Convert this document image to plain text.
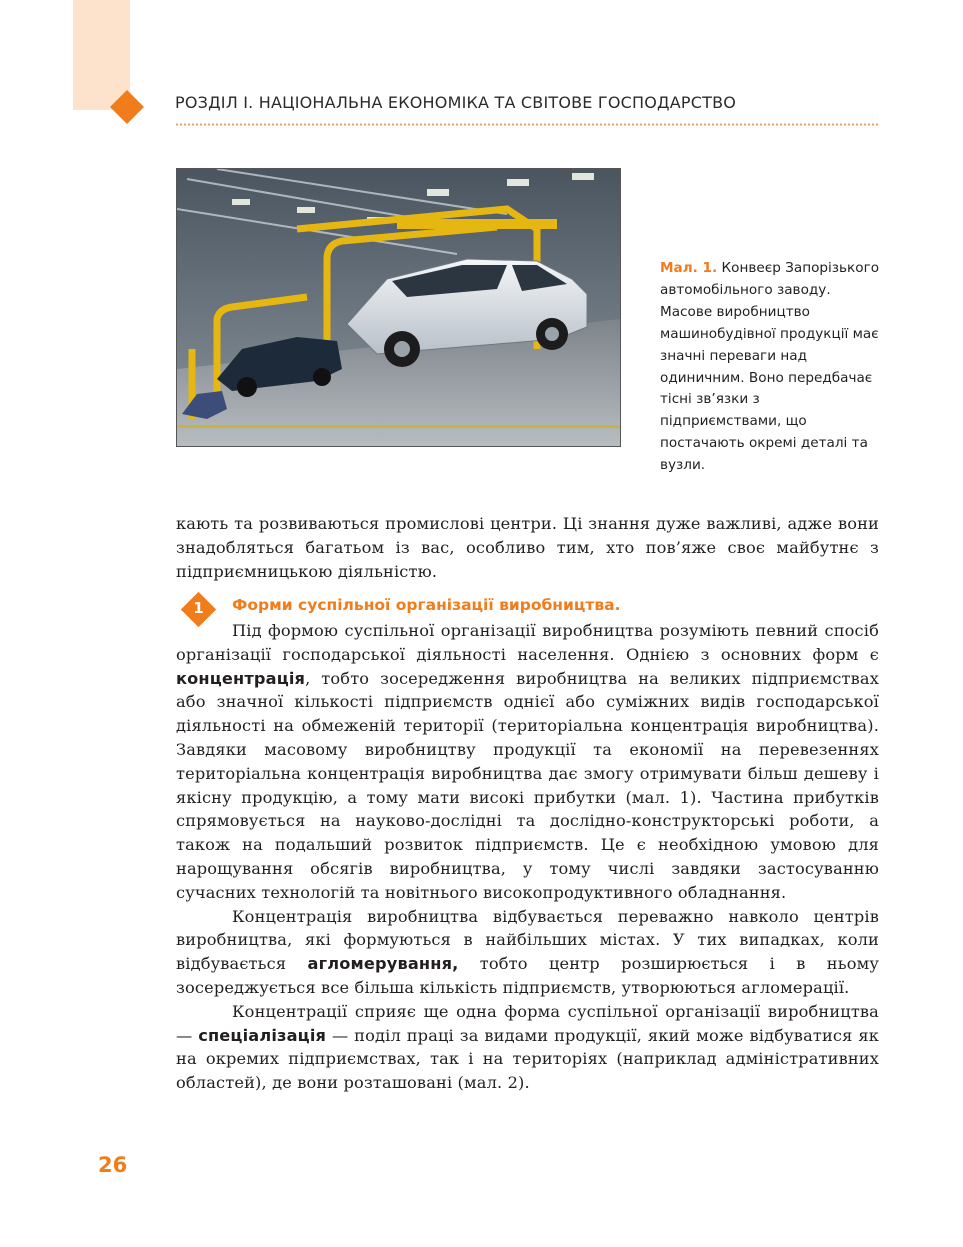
РОЗДІЛ І. НАЦІОНАЛЬНА ЕКОНОМІКА ТА СВІТОВЕ ГОСПОДАРСТВО
Мал. 1. Конвеєр Запорізького автомобільного заводу. Масове виробництво машинобудівної продукції має значні переваги над одиничним. Воно передбачає тісні зв’язки з підприємствами, що постачають окремі деталі та вузли.

кають та розвиваються промислові центри. Ці знання дуже важливі, адже вони знадобляться багатьом із вас, особливо тим, хто пов’яже своє майбутнє з підприємницькою діяльністю.

1	Форми суспільної організації виробництва.

Під формою суспільної організації виробництва розуміють певний спосіб організації господарської діяльності населення. Однією з основних форм є концентрація, тобто зосередження виробництва на великих підприємствах або значної кількості підприємств однієї або суміжних видів господарської діяльності на обмеженій території (територіальна концентрація виробництва). Завдяки масовому виробництву продукції та економії на перевезеннях територіальна концентрація виробництва дає змогу отримувати більш дешеву і якісну продукцію, а тому мати високі прибутки (мал. 1). Частина прибутків спрямовується на науково-дослідні та дослідно-конструкторські роботи, а також на подальший розвиток підприємств. Це є необхідною умовою для нарощування обсягів виробництва, у тому числі завдяки застосуванню сучасних технологій та новітнього високопродуктивного обладнання.

Концентрація виробництва відбувається переважно навколо центрів виробництва, які формуються в найбільших містах. У тих випадках, коли відбувається агломерування, тобто центр розширюється і в ньому зосереджується все більша кількість підприємств, утворюються агломерації.

Концентрації сприяє ще одна форма суспільної організації виробництва — спеціалізація — поділ праці за видами продукції, який може відбуватися як на окремих підприємствах, так і на територіях (наприклад адміністративних областей), де вони розташовані (мал. 2).

26
